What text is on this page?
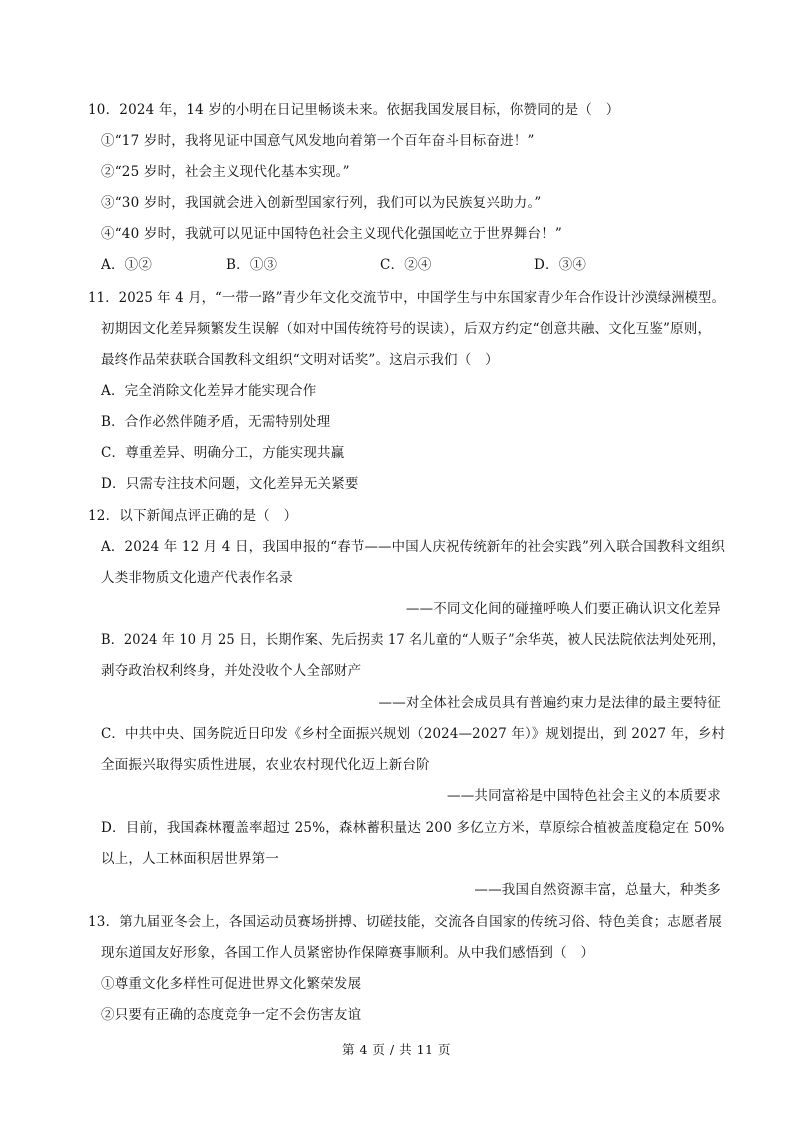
10．2024 年，14 岁的小明在日记里畅谈未来。依据我国发展目标，你赞同的是（　）
①“17 岁时，我将见证中国意气风发地向着第一个百年奋斗目标奋进！”
②“25 岁时，社会主义现代化基本实现。”
③“30 岁时，我国就会进入创新型国家行列，我们可以为民族复兴助力。”
④“40 岁时，我就可以见证中国特色社会主义现代化强国屹立于世界舞台！”
A．①②	B．①③	C．②④	D．③④
11．2025 年 4 月，“一带一路”青少年文化交流节中，中国学生与中东国家青少年合作设计沙漠绿洲模型。
初期因文化差异频繁发生误解（如对中国传统符号的误读），后双方约定“创意共融、文化互鉴”原则，
最终作品荣获联合国教科文组织“文明对话奖”。这启示我们（　）
A．完全消除文化差异才能实现合作
B．合作必然伴随矛盾，无需特别处理
C．尊重差异、明确分工，方能实现共赢
D．只需专注技术问题，文化差异无关紧要
12．以下新闻点评正确的是（　）
A．2024 年 12 月 4 日，我国申报的“春节——中国人庆祝传统新年的社会实践”列入联合国教科文组织
人类非物质文化遗产代表作名录
——不同文化间的碰撞呼唤人们要正确认识文化差异
B．2024 年 10 月 25 日，长期作案、先后拐卖 17 名儿童的“人贩子”余华英，被人民法院依法判处死刑，
剥夺政治权利终身，并处没收个人全部财产
——对全体社会成员具有普遍约束力是法律的最主要特征
C．中共中央、国务院近日印发《乡村全面振兴规划（2024—2027 年）》规划提出，到 2027 年，乡村
全面振兴取得实质性进展，农业农村现代化迈上新台阶
——共同富裕是中国特色社会主义的本质要求
D．目前，我国森林覆盖率超过 25%，森林蓄积量达 200 多亿立方米，草原综合植被盖度稳定在 50%
以上，人工林面积居世界第一
——我国自然资源丰富，总量大，种类多
13．第九届亚冬会上，各国运动员赛场拼搏、切磋技能，交流各自国家的传统习俗、特色美食；志愿者展
现东道国友好形象，各国工作人员紧密协作保障赛事顺利。从中我们感悟到（　）
①尊重文化多样性可促进世界文化繁荣发展
②只要有正确的态度竞争一定不会伤害友谊
第 4 页 / 共 11 页
